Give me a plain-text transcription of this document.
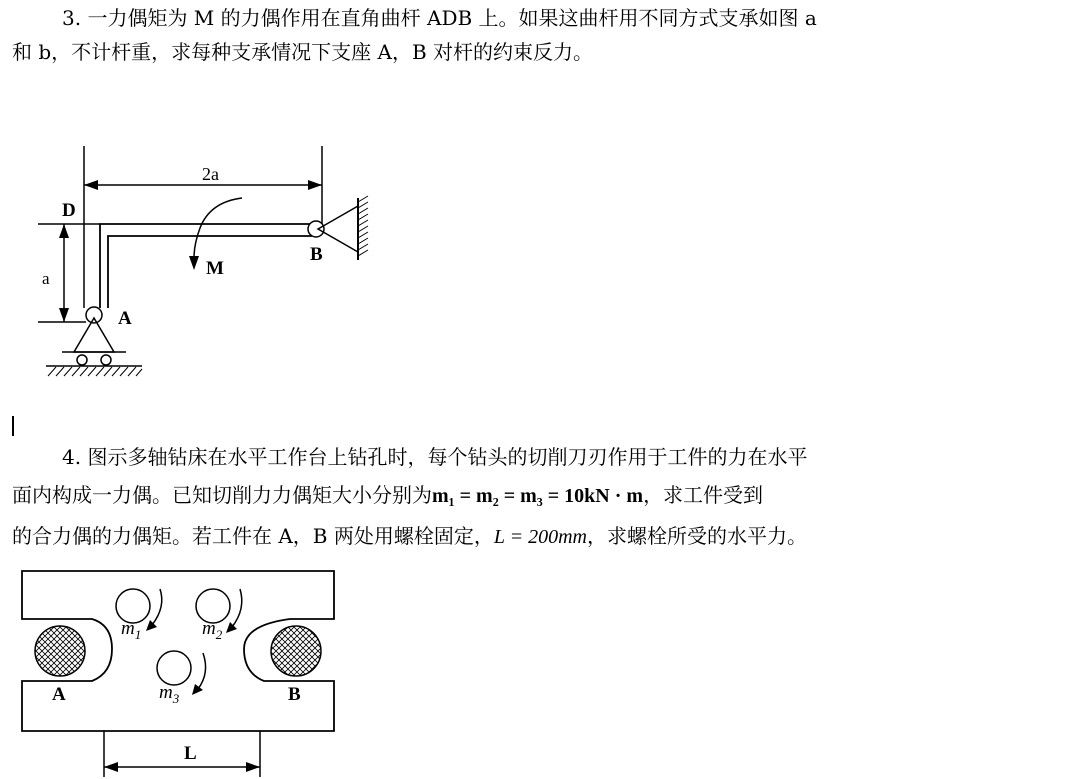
3. 一力偶矩为 M 的力偶作用在直角曲杆 ADB 上。如果这曲杆用不同方式支承如图 a
和 b，不计杆重，求每种支承情况下支座 A，B 对杆的约束反力。
2a
a
D
M
B
A
4. 图示多轴钻床在水平工作台上钻孔时，每个钻头的切削刀刃作用于工件的力在水平
面内构成一力偶。已知切削力力偶矩大小分别为m₁ = m₂ = m₃ = 10kN · m，求工件受到
的合力偶的力偶矩。若工件在 A，B 两处用螺栓固定，L = 200mm，求螺栓所受的水平力。
A	B
$m_1$	$m_2$
$m_3$
L
